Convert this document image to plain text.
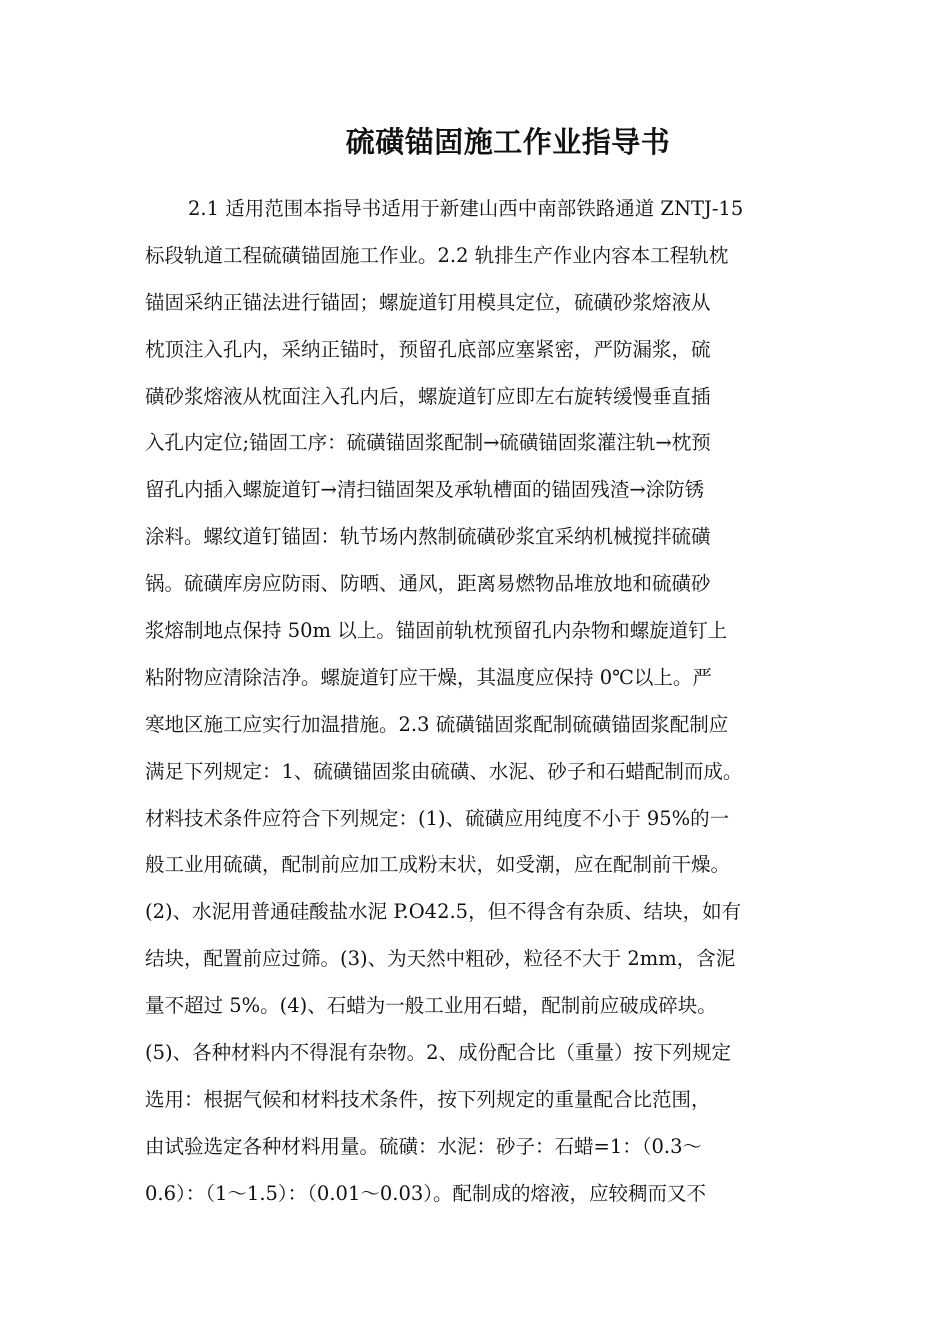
硫磺锚固施工作业指导书
2.1 适用范围本指导书适用于新建山西中南部铁路通道 ZNTJ-15
标段轨道工程硫磺锚固施工作业。2.2 轨排生产作业内容本工程轨枕
锚固采纳正锚法进行锚固；螺旋道钉用模具定位，硫磺砂浆熔液从
枕顶注入孔内，采纳正锚时，预留孔底部应塞紧密，严防漏浆，硫
磺砂浆熔液从枕面注入孔内后，螺旋道钉应即左右旋转缓慢垂直插
入孔内定位;锚固工序：硫磺锚固浆配制→硫磺锚固浆灌注轨→枕预
留孔内插入螺旋道钉→清扫锚固架及承轨槽面的锚固残渣→涂防锈
涂料。螺纹道钉锚固：轨节场内熬制硫磺砂浆宜采纳机械搅拌硫磺
锅。硫磺库房应防雨、防晒、通风，距离易燃物品堆放地和硫磺砂
浆熔制地点保持 50m 以上。锚固前轨枕预留孔内杂物和螺旋道钉上
粘附物应清除洁净。螺旋道钉应干燥，其温度应保持 0℃以上。严
寒地区施工应实行加温措施。2.3 硫磺锚固浆配制硫磺锚固浆配制应
满足下列规定：1、硫磺锚固浆由硫磺、水泥、砂子和石蜡配制而成。
材料技术条件应符合下列规定：(1)、硫磺应用纯度不小于 95%的一
般工业用硫磺，配制前应加工成粉末状，如受潮，应在配制前干燥。
(2)、水泥用普通硅酸盐水泥 P.O42.5，但不得含有杂质、结块，如有
结块，配置前应过筛。(3)、为天然中粗砂，粒径不大于 2mm，含泥
量不超过 5%。(4)、石蜡为一般工业用石蜡，配制前应破成碎块。
(5)、各种材料内不得混有杂物。2、成份配合比（重量）按下列规定
选用：根据气候和材料技术条件，按下列规定的重量配合比范围，
由试验选定各种材料用量。硫磺：水泥：砂子：石蜡=1：（0.3～
0.6）：（1～1.5）：（0.01～0.03）。配制成的熔液，应较稠而又不
